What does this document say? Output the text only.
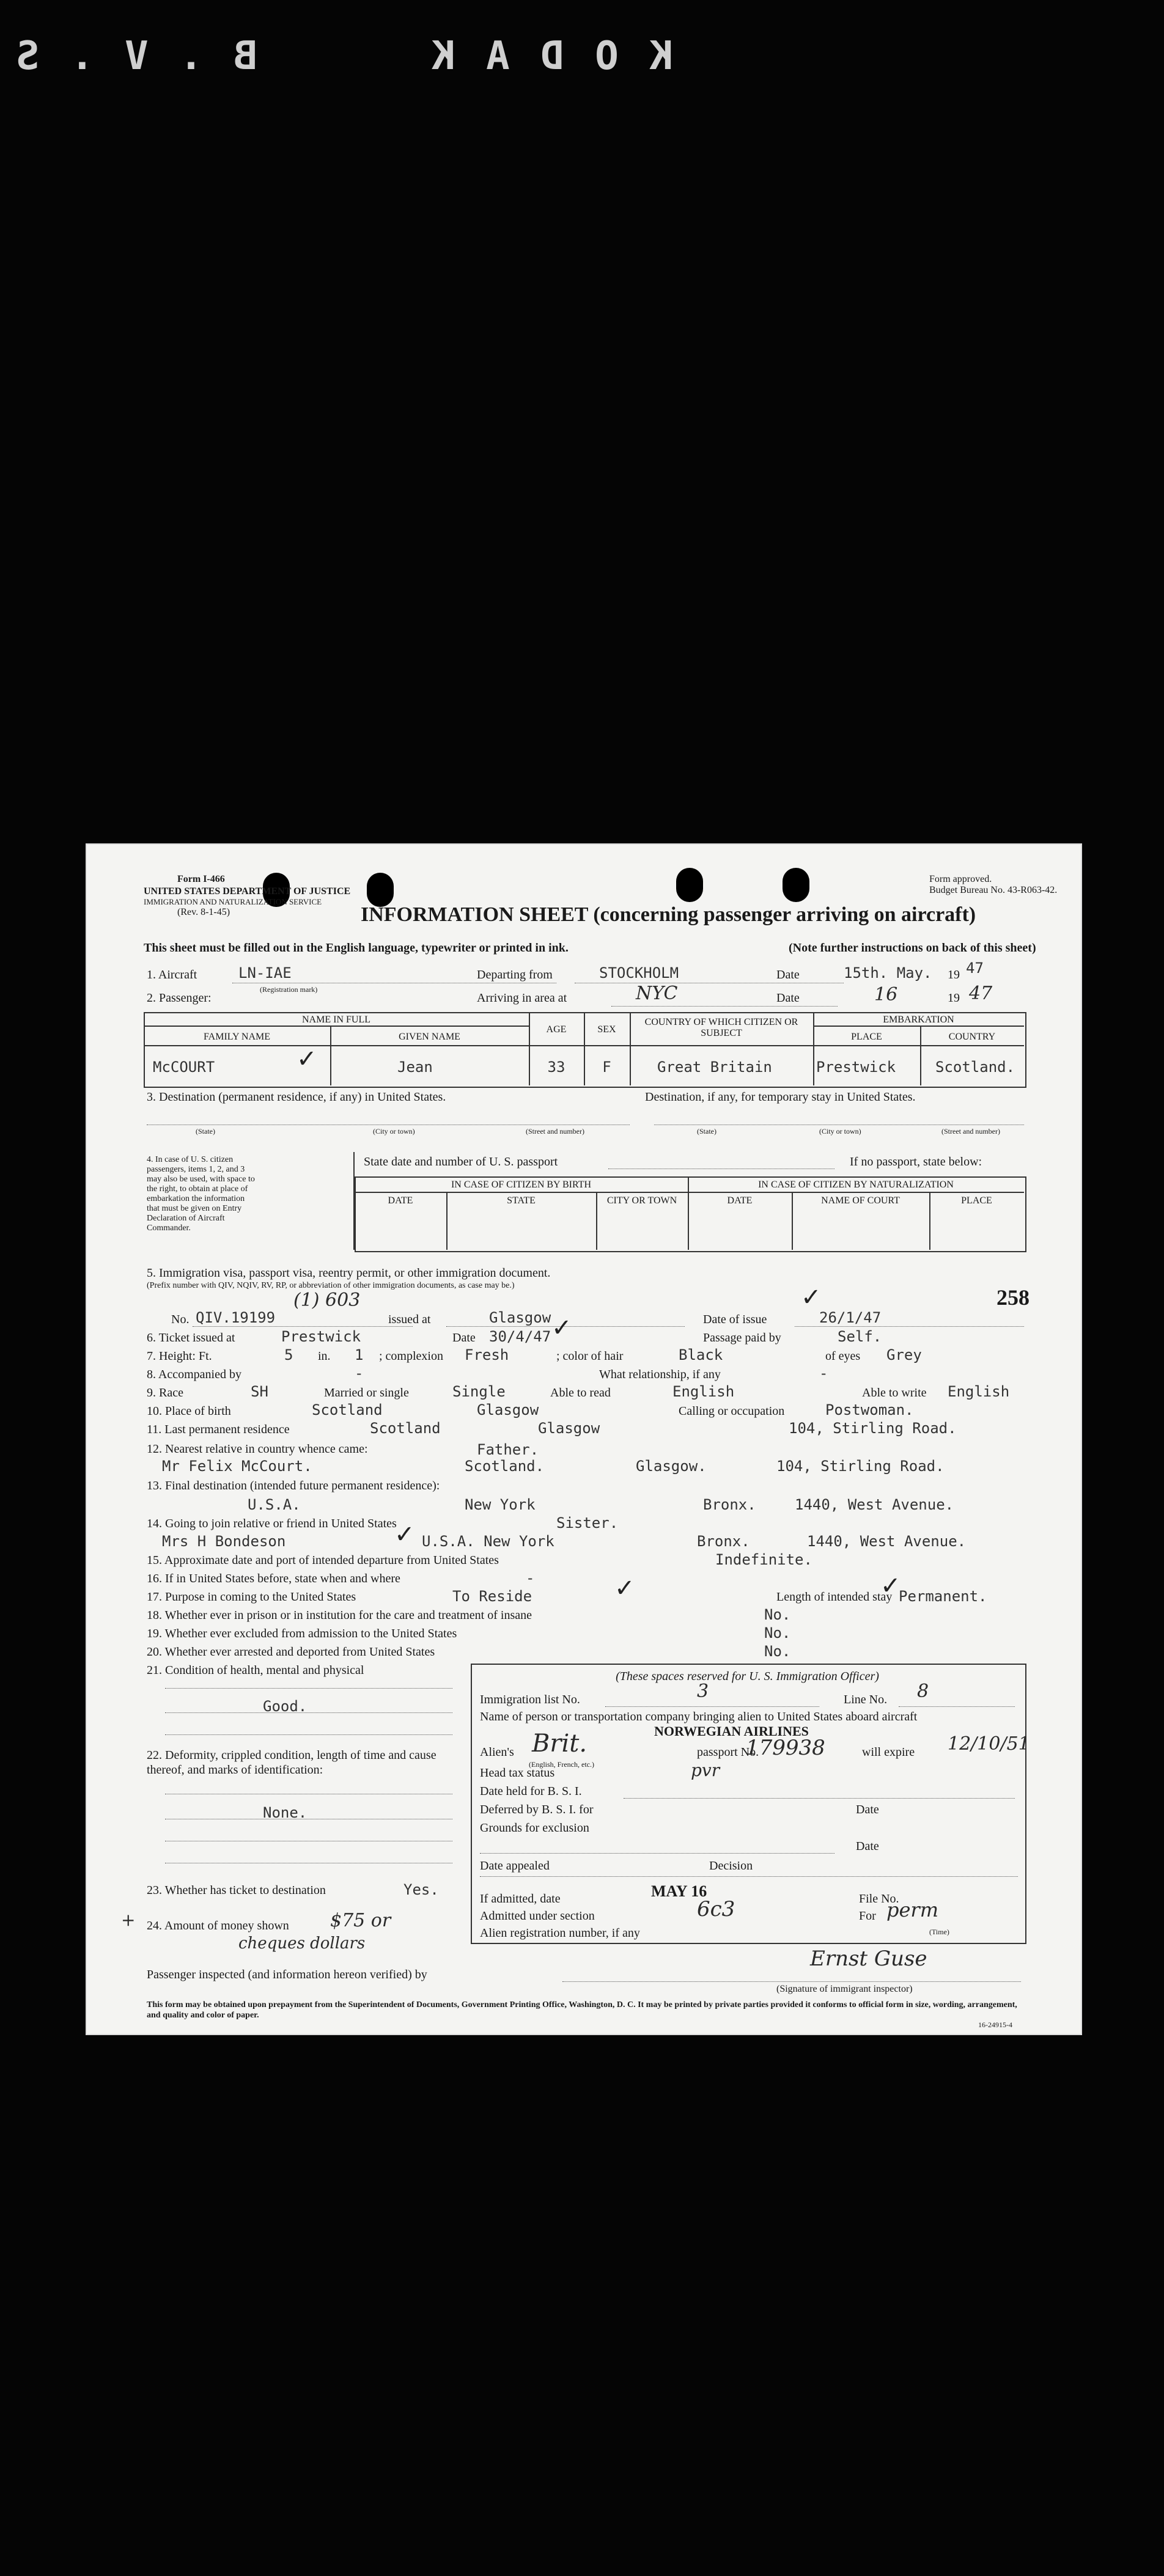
B . V . S	K O D A K
Form I-466
UNITED STATES DEPARTMENT OF JUSTICE
IMMIGRATION AND NATURALIZATION SERVICE
(Rev. 8-1-45)
Form approved.
Budget Bureau No. 43-R063-42.
INFORMATION SHEET (concerning passenger arriving on aircraft)
This sheet must be filled out in the English language, typewriter or printed in ink.	(Note further instructions on back of this sheet)
1. Aircraft	LN-IAE
(Registration mark)
Departing from	STOCKHOLM	Date	15th. May. 19 47
2. Passenger:	Arriving in area at	NYC	Date	16	19 47
NAME IN FULL
FAMILY NAME	GIVEN NAME
AGE	SEX
COUNTRY OF WHICH CITIZEN OR SUBJECT
EMBARKATION
PLACE	COUNTRY
McCOURT	✓	Jean	33	F	Great Britain	Prestwick	Scotland.
3. Destination (permanent residence, if any) in United States.	Destination, if any, for temporary stay in United States.
(State)	(City or town)	(Street and number)	(State)	(City or town)	(Street and number)
4. In case of U. S. citizen passengers, items 1, 2, and 3 may also be used, with space to the right, to obtain at place of embarkation the information that must be given on Entry Declaration of Aircraft Commander.
State date and number of U. S. passport	If no passport, state below:
IN CASE OF CITIZEN BY BIRTH	IN CASE OF CITIZEN BY NATURALIZATION
DATE	STATE	CITY OR TOWN	DATE	NAME OF COURT	PLACE
5. Immigration visa, passport visa, reentry permit, or other immigration document.
(Prefix number with QIV, NQIV, RV, RP, or abbreviation of other immigration documents, as case may be.)	258
No. QIV.19199
(1) 603
issued at	Glasgow	Date of issue	26/1/47
✓
6. Ticket issued at	Prestwick	Date 30/4/47 ✓	Passage paid by	Self.
7. Height: Ft.	5 in. 1 ; complexion Fresh	; color of hair	Black	of eyes Grey
8. Accompanied by	-	What relationship, if any	-
9. Race	SH	Married or single	Single	Able to read	English	Able to write English
10. Place of birth	Scotland	Glasgow	Calling or occupation	Postwoman.
11. Last permanent residence	Scotland	Glasgow	104, Stirling Road.
12. Nearest relative in country whence came:
Mr Felix McCourt.
Father.
Scotland.	Glasgow.	104, Stirling Road.
13. Final destination (intended future permanent residence):
U.S.A.	New York	Bronx.	1440, West Avenue.
14. Going to join relative or friend in United States	Sister.
Mrs H Bondeson	✓ U.S.A. New York	Bronx.	1440, West Avenue.
15. Approximate date and port of intended departure from United States	Indefinite.
16. If in United States before, state when and where	-
17. Purpose in coming to the United States	To Reside	✓	Length of intended stay
✓
Permanent.
18. Whether ever in prison or in institution for the care and treatment of insane	No.
19. Whether ever excluded from admission to the United States	No.
20. Whether ever arrested and deported from United States	No.
21. Condition of health, mental and physical
Good.
22. Deformity, crippled condition, length of time and cause thereof, and marks of identification:
None.
23. Whether has ticket to destination	Yes.
+ 24. Amount of money shown $75 or
cheques dollars
(These spaces reserved for U. S. Immigration Officer)
Immigration list No.	3	Line No. 8
Name of person or transportation company bringing alien to United States aboard aircraft
NORWEGIAN AIRLINES
Alien's Brit.
(English, French, etc.)
passport No.
179938
pvr
will expire 12/10/51
Head tax status
Date held for B. S. I.
Deferred by B. S. I. for	Date
Grounds for exclusion
Date
Date appealed	Decision
If admitted, date	MAY 16	File No.
Admitted under section	6c3	For perm
Alien registration number, if any	(Time)
Passenger inspected (and information hereon verified) by
Ernst Guse
(Signature of immigrant inspector)
This form may be obtained upon prepayment from the Superintendent of Documents, Government Printing Office, Washington, D. C. It may be printed by private parties provided it conforms to official form in size, wording, arrangement, and quality and color of paper.
16-24915-4
